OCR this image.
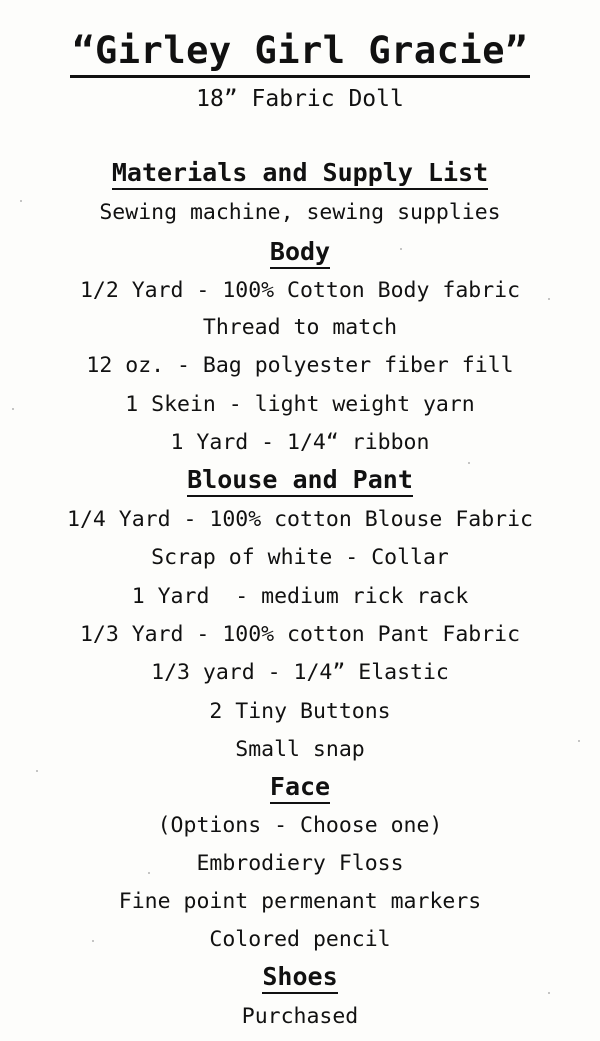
“Girley Girl Gracie”
18” Fabric Doll
Materials and Supply List
Sewing machine, sewing supplies
Body
1/2 Yard - 100% Cotton Body fabric
Thread to match
12 oz. - Bag polyester fiber fill
1 Skein - light weight yarn
1 Yard - 1/4“ ribbon
Blouse and Pant
1/4 Yard - 100% cotton Blouse Fabric
Scrap of white - Collar
1 Yard  - medium rick rack
1/3 Yard - 100% cotton Pant Fabric
1/3 yard - 1/4” Elastic
2 Tiny Buttons
Small snap
Face
(Options - Choose one)
Embrodiery Floss
Fine point permenant markers
Colored pencil
Shoes
Purchased
